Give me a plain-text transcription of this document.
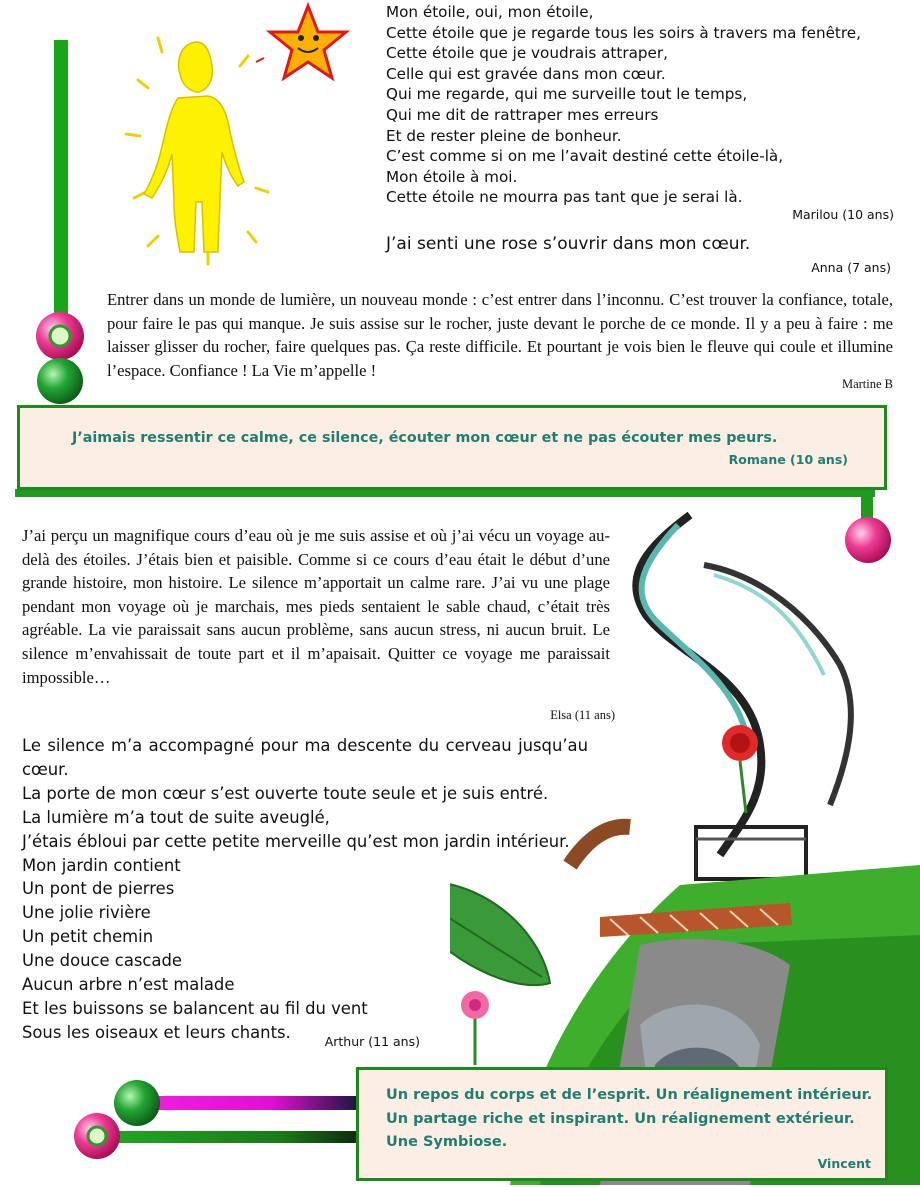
Mon étoile, oui, mon étoile,
Cette étoile que je regarde tous les soirs à travers ma fenêtre,
Cette étoile que je voudrais attraper,
Celle qui est gravée dans mon cœur.
Qui me regarde, qui me surveille tout le temps,
Qui me dit de rattraper mes erreurs
Et de rester pleine de bonheur.
C’est comme si on me l’avait destiné cette étoile-là,
Mon étoile à moi.
Cette étoile ne mourra pas tant que je serai là.
Marilou (10 ans)
J’ai senti une rose s’ouvrir dans mon cœur.
Anna (7 ans)
Entrer dans un monde de lumière, un nouveau monde : c’est entrer dans l’inconnu. C’est trouver la confiance, totale, pour faire le pas qui manque. Je suis assise sur le rocher, juste devant le porche de ce monde. Il y a peu à faire : me laisser glisser du rocher, faire quelques pas. Ça reste difficile. Et pourtant je vois bien le fleuve qui coule et illumine l’espace. Confiance ! La Vie m’appelle !
Martine B
J’aimais ressentir ce calme, ce silence, écouter mon cœur et ne pas écouter mes peurs.
Romane (10 ans)
J’ai perçu un magnifique cours d’eau où je me suis assise et où j’ai vécu un voyage au-delà des étoiles. J’étais bien et paisible. Comme si ce cours d’eau était le début d’une grande histoire, mon histoire. Le silence m’apportait un calme rare. J’ai vu une plage pendant mon voyage où je marchais, mes pieds sentaient le sable chaud, c’était très agréable. La vie paraissait sans aucun problème, sans aucun stress, ni aucun bruit. Le silence m’envahissait de toute part et il m’apaisait. Quitter ce voyage me paraissait impossible…
Elsa (11 ans)
Le silence m’a accompagné pour ma descente du cerveau jusqu’au cœur.
La porte de mon cœur s’est ouverte toute seule et je suis entré.
La lumière m’a tout de suite aveuglé,
J’étais ébloui par cette petite merveille qu’est mon jardin intérieur.
Mon jardin contient
Un pont de pierres
Une jolie rivière
Un petit chemin
Une douce cascade
Aucun arbre n’est malade
Et les buissons se balancent au fil du vent
Sous les oiseaux et leurs chants.	Arthur (11 ans)
Un repos du corps et de l’esprit. Un réalignement intérieur.
Un partage riche et inspirant. Un réalignement extérieur.
Une Symbiose.
Vincent
